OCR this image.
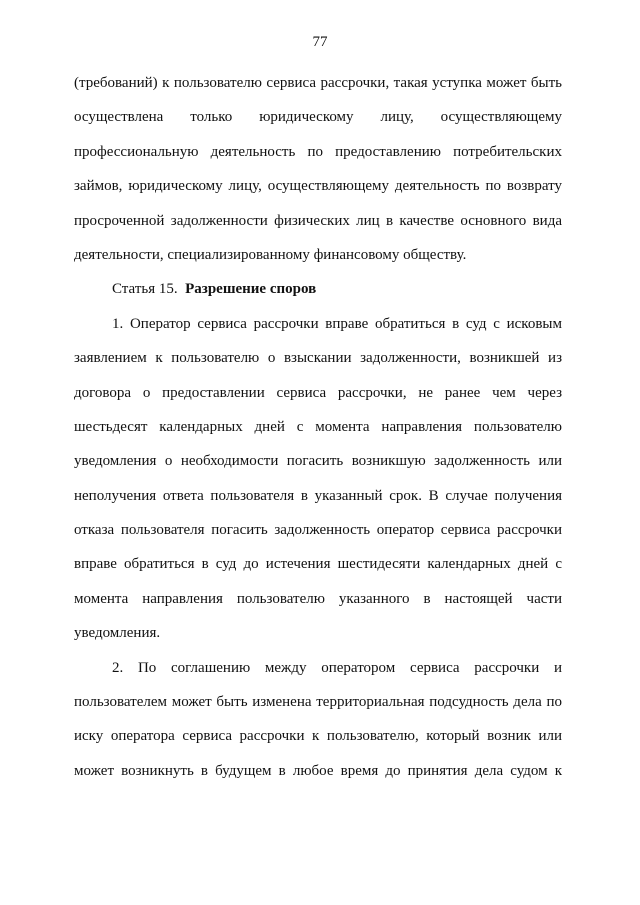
77
(требований) к пользователю сервиса рассрочки, такая уступка может быть
осуществлена только юридическому лицу, осуществляющему
профессиональную деятельность по предоставлению потребительских
займов, юридическому лицу, осуществляющему деятельность по возврату
просроченной задолженности физических лиц в качестве основного вида
деятельности, специализированному финансовому обществу.
Статья 15. Разрешение споров
1. Оператор сервиса рассрочки вправе обратиться в суд с исковым
заявлением к пользователю о взыскании задолженности, возникшей из
договора о предоставлении сервиса рассрочки, не ранее чем через
шестьдесят календарных дней с момента направления пользователю
уведомления о необходимости погасить возникшую задолженность или
неполучения ответа пользователя в указанный срок. В случае получения
отказа пользователя погасить задолженность оператор сервиса рассрочки
вправе обратиться в суд до истечения шестидесяти календарных дней с
момента направления пользователю указанного в настоящей части
уведомления.
2. По соглашению между оператором сервиса рассрочки и
пользователем может быть изменена территориальная подсудность дела по
иску оператора сервиса рассрочки к пользователю, который возник или
может возникнуть в будущем в любое время до принятия дела судом к
